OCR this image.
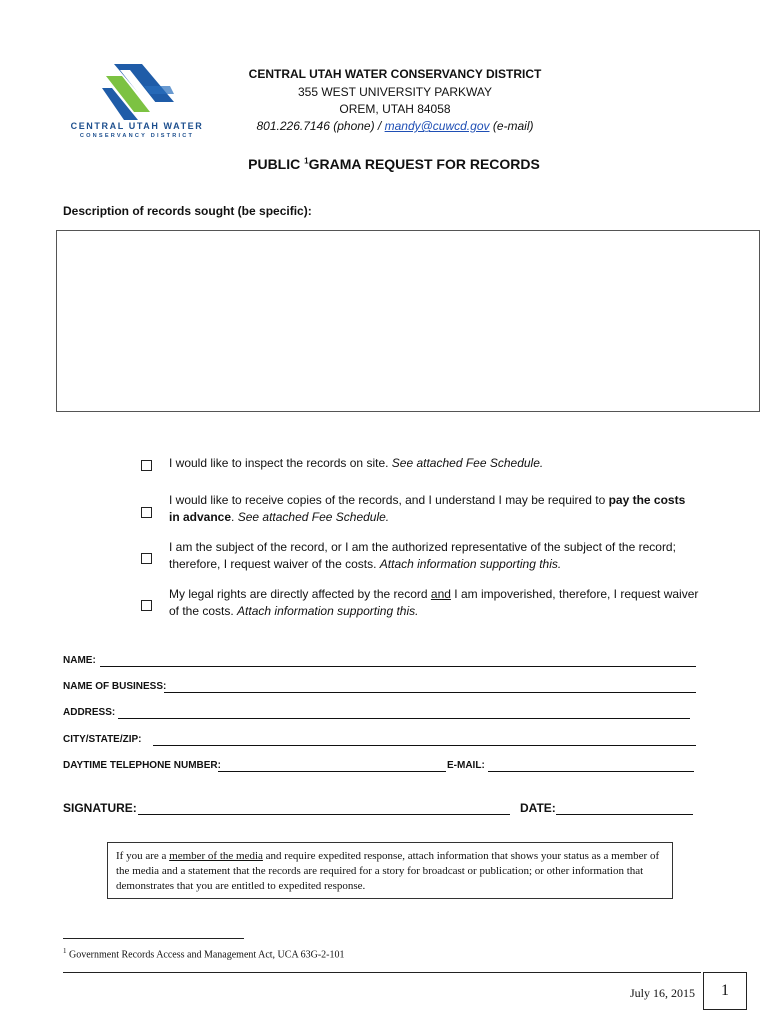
CENTRAL UTAH WATER
CONSERVANCY DISTRICT
CENTRAL UTAH WATER CONSERVANCY DISTRICT
355 WEST UNIVERSITY PARKWAY
OREM, UTAH 84058
801.226.7146 (phone) / mandy@cuwcd.gov (e-mail)
PUBLIC $^1$GRAMA REQUEST FOR RECORDS
Description of records sought (be specific):
I would like to inspect the records on site. See attached Fee Schedule.
I would like to receive copies of the records, and I understand I may be required to pay the costs in advance. See attached Fee Schedule.
I am the subject of the record, or I am the authorized representative of the subject of the record; therefore, I request waiver of the costs. Attach information supporting this.
My legal rights are directly affected by the record and I am impoverished, therefore, I request waiver of the costs. Attach information supporting this.
NAME:
NAME OF BUSINESS:
ADDRESS:
CITY/STATE/ZIP:
DAYTIME TELEPHONE NUMBER:	E-MAIL:
SIGNATURE:	DATE:
If you are a member of the media and require expedited response, attach information that shows your status as a member of the media and a statement that the records are required for a story for broadcast or publication; or other information that demonstrates that you are entitled to expedited response.
$^1$ Government Records Access and Management Act, UCA 63G-2-101
July 16, 2015	1
